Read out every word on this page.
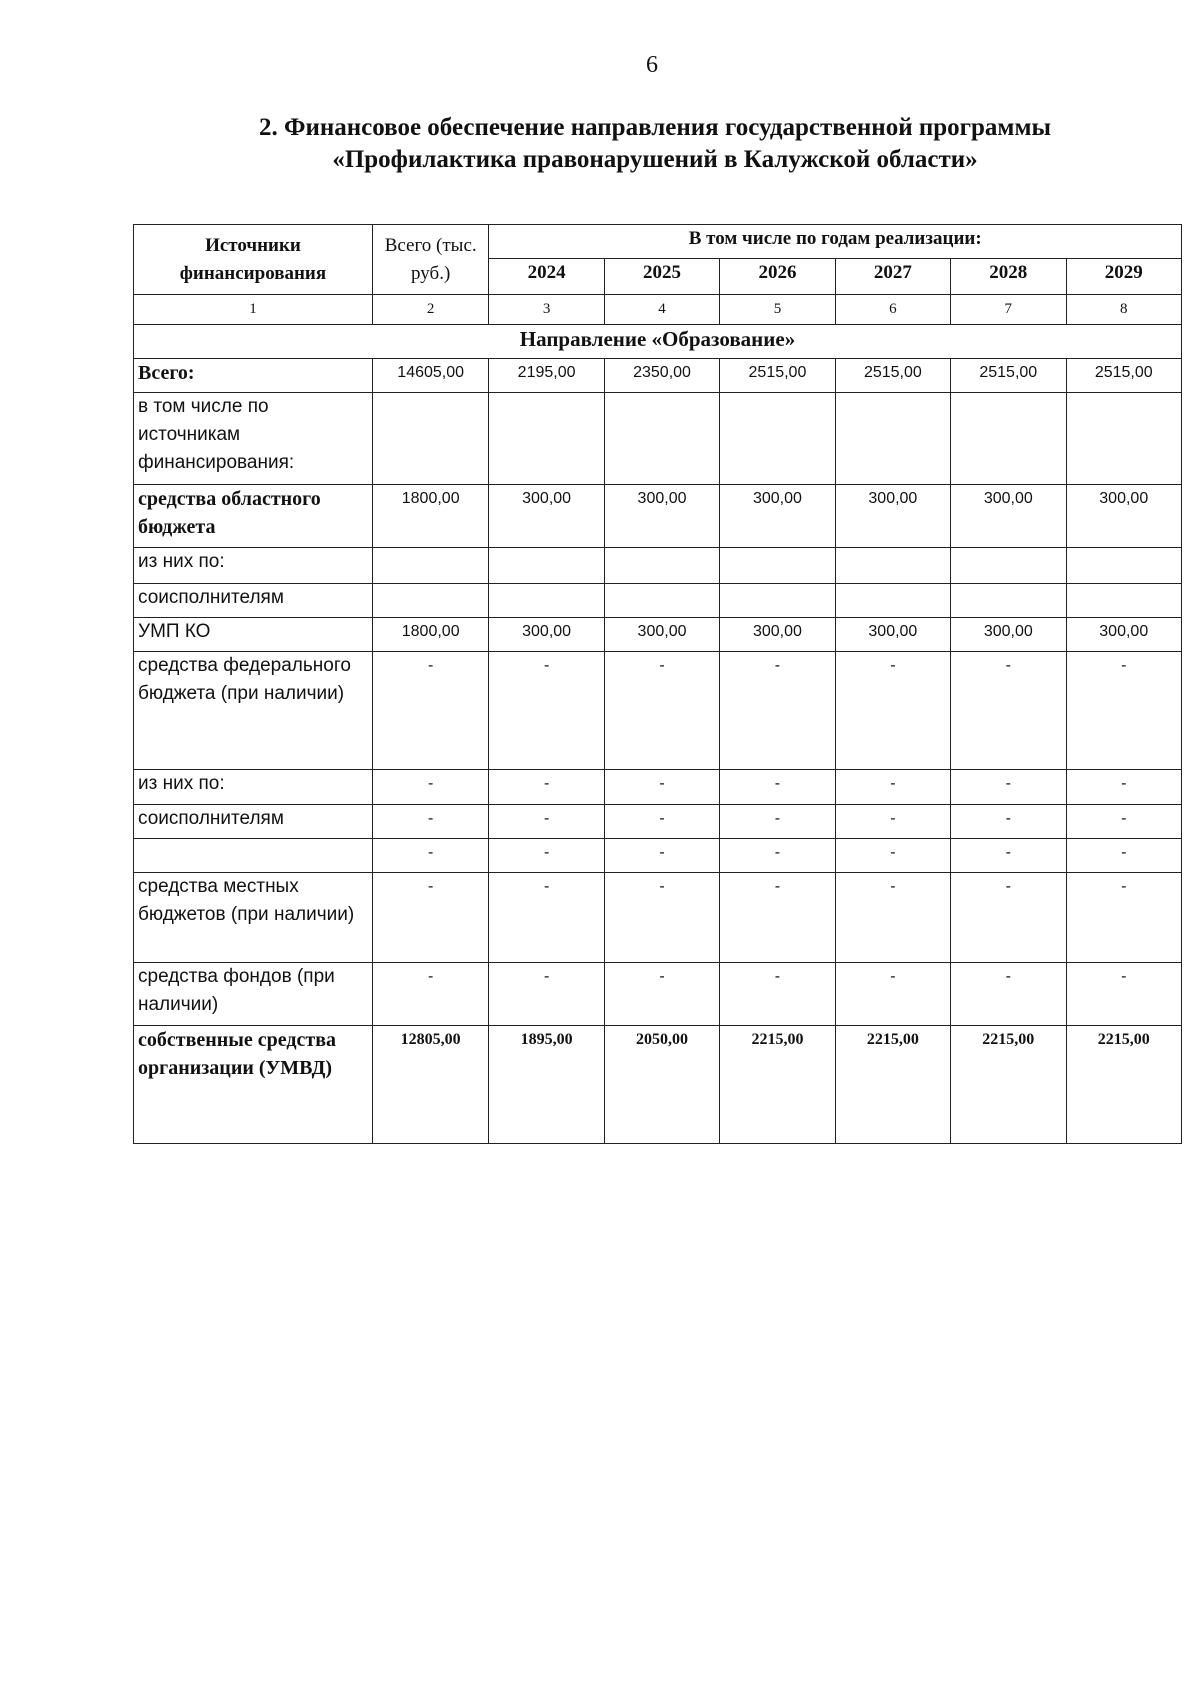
6
2. Финансовое обеспечение направления государственной программы
«Профилактика правонарушений в Калужской области»
Источники финансирования	Всего (тыс. руб.)	В том числе по годам реализации:					
		2024	2025	2026	2027	2028	2029
1	2	3	4	5	6	7	8
Направление «Образование»							
Всего:	14605,00	2195,00	2350,00	2515,00	2515,00	2515,00	2515,00
в том числе по источникам финансирования:							
средства областного бюджета	1800,00	300,00	300,00	300,00	300,00	300,00	300,00
из них по:							
соисполнителям							
УМП КО	1800,00	300,00	300,00	300,00	300,00	300,00	300,00
средства федерального бюджета (при наличии)	-	-	-	-	-	-	-
из них по:	-	-	-	-	-	-	-
соисполнителям	-	-	-	-	-	-	-
	-	-	-	-	-	-	-
средства местных бюджетов (при наличии)	-	-	-	-	-	-	-
средства фондов (при наличии)	-	-	-	-	-	-	-
собственные средства организации (УМВД)	12805,00	1895,00	2050,00	2215,00	2215,00	2215,00	2215,00
